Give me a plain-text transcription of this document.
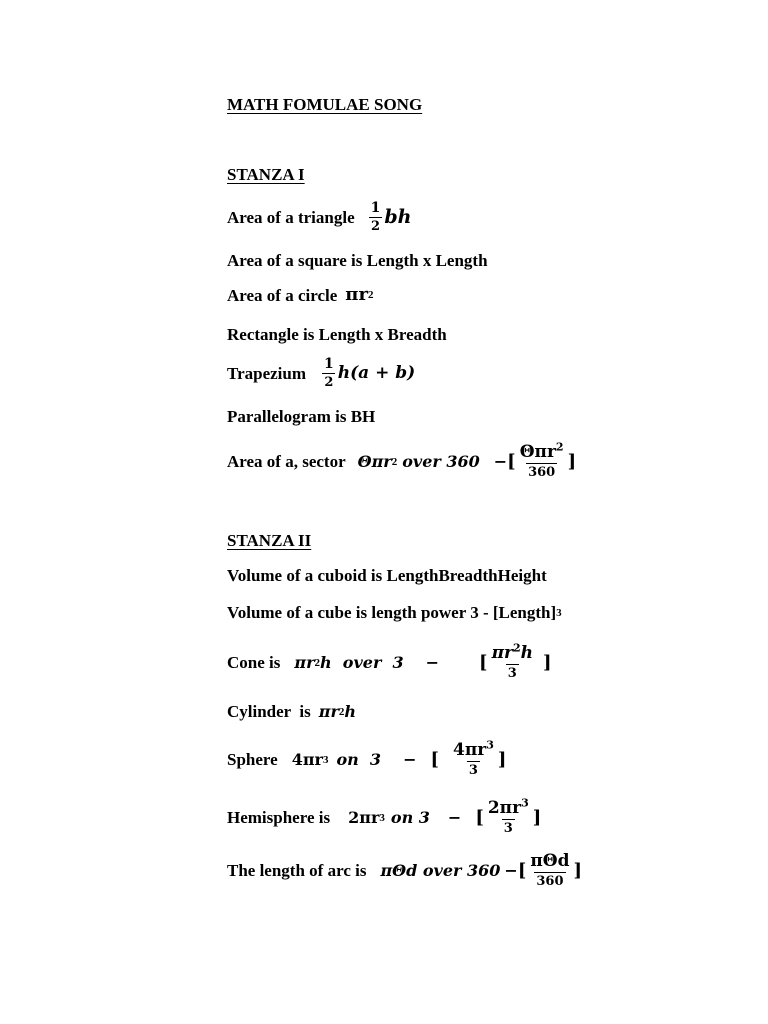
MATH FOMULAE SONG
STANZA I
Area of a triangle $\frac{1}{2}$ bh
Area of a square is Length x Length
Area of a circle πr 2
Rectangle is Length x Breadth
Trapezium $\frac{1}{2} h(a + b)$
Parallelogram is BH
Area of a, sector Θπr 2 over 360 − [ $\frac{\Theta\pi r^2}{360}$ ]
STANZA II
Volume of a cuboid is LengthBreadthHeight
Volume of a cube is length power 3 - [Length] 3
Cone is πr 2 h  over  3 − [ $\frac{\pi r^2h}{3}$ ]
Cylinder  is πr 2 h
Sphere 4πr 3 on  3 − [ $\frac{4\pi r^3}{3}$ ]
Hemisphere is 2πr 3 on 3 − [ $\frac{2\pi r^3}{3}$ ]
The length of arc is πΘd over 360 − [ $\frac{\text{πΘd}}{360}$ ]
